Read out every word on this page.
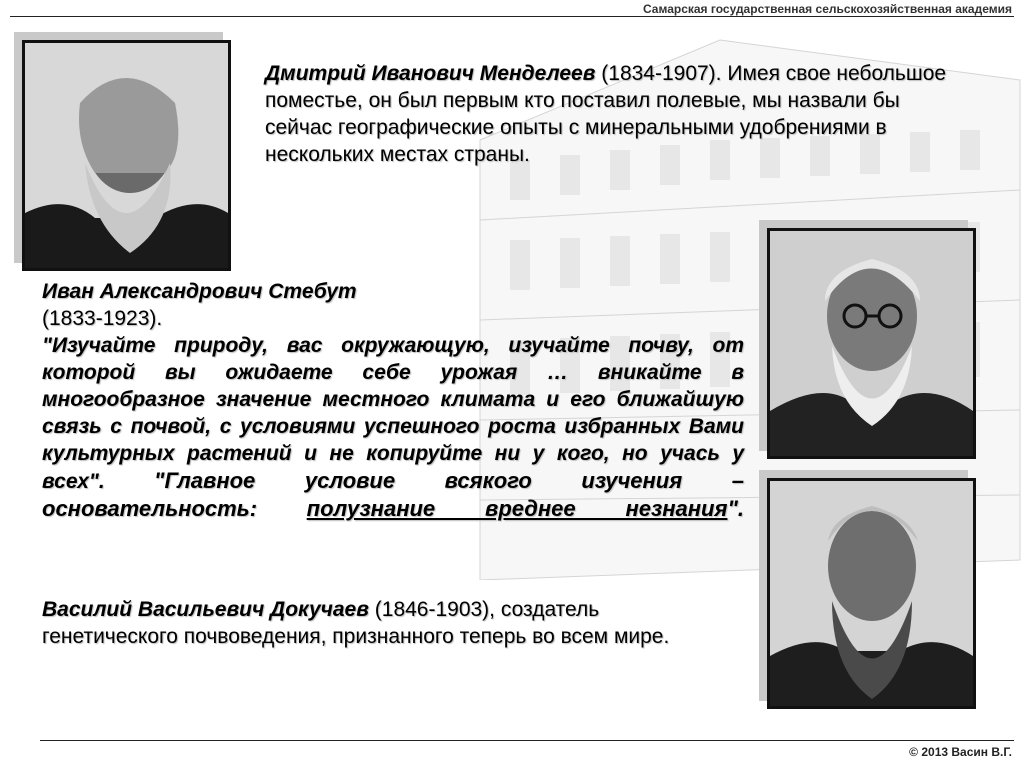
Самарская государственная сельскохозяйственная академия
Дмитрий Иванович Менделеев (1834-1907). Имея свое небольшое поместье, он был первым кто поставил полевые, мы назвали бы сейчас географические опыты с минеральными удобрениями в нескольких местах страны.
Иван Александрович Стебут
(1833-1923).
"Изучайте природу, вас окружающую, изучайте почву, от которой вы ожидаете себе урожая … вникайте в многообразное значение местного климата и его ближайшую связь с почвой, с условиями успешного роста избранных Вами культурных растений и не копируйте ни у кого, но учась у всех". "Главное условие всякого изучения – основательность: полузнание вреднее незнания".
Василий Васильевич Докучаев (1846-1903), создатель генетического почвоведения, признанного теперь во всем мире.
© 2013 Васин В.Г.
